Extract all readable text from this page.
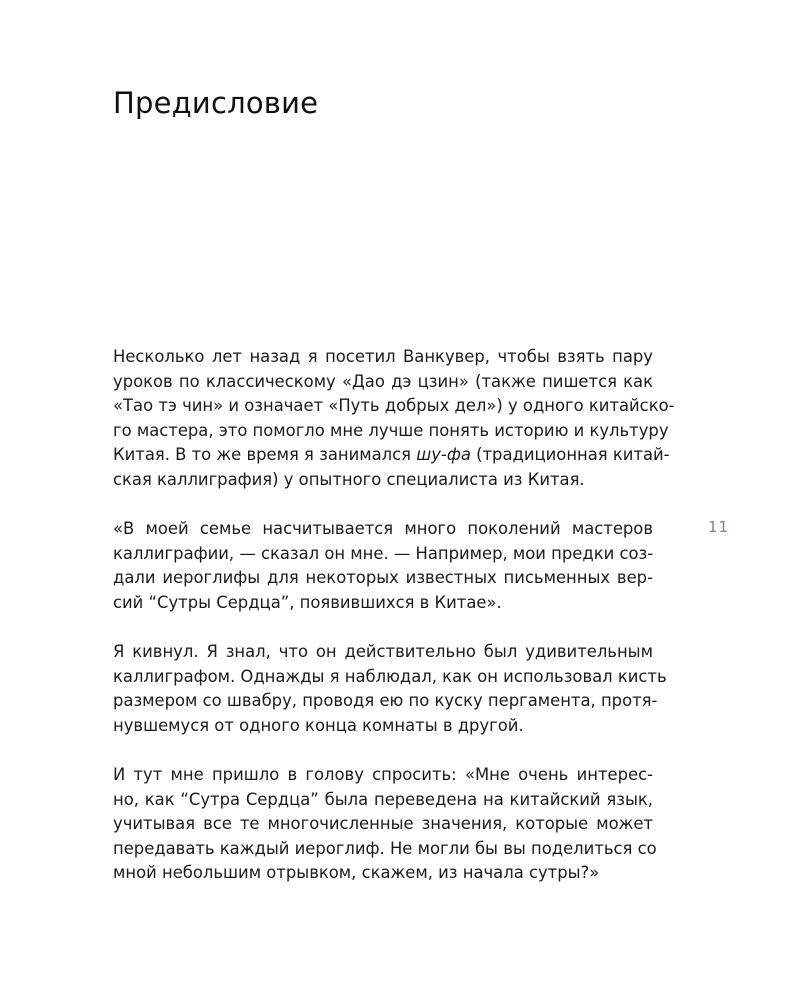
Предисловие
Несколько лет назад я посетил Ванкувер, чтобы взять пару
уроков по классическому «Дао дэ цзин» (также пишется как
«Тао тэ чин» и означает «Путь добрых дел») у одного китайско-
го мастера, это помогло мне лучше понять историю и культуру
Китая. В то же время я занимался шу-фа (традиционная китай-
ская каллиграфия) у опытного специалиста из Китая.
«В моей семье насчитывается много поколений мастеров
каллиграфии, — сказал он мне. — Например, мои предки соз-
дали иероглифы для некоторых известных письменных вер-
сий “Сутры Сердца”, появившихся в Китае».
Я кивнул. Я знал, что он действительно был удивительным
каллиграфом. Однажды я наблюдал, как он использовал кисть
размером со швабру, проводя ею по куску пергамента, протя-
нувшемуся от одного конца комнаты в другой.
И тут мне пришло в голову спросить: «Мне очень интерес-
но, как “Сутра Сердца” была переведена на китайский язык,
учитывая все те многочисленные значения, которые может
передавать каждый иероглиф. Не могли бы вы поделиться со
мной небольшим отрывком, скажем, из начала сутры?»
11
